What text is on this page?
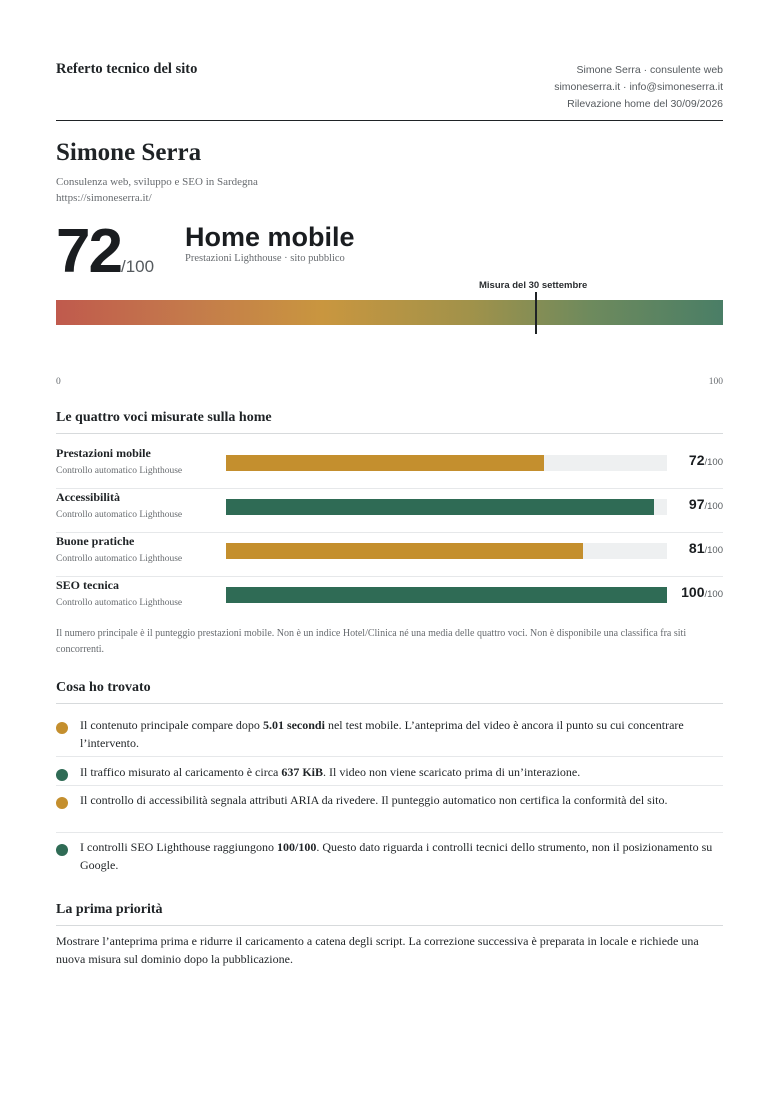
Referto tecnico del sito	Simone Serra · consulente web
simoneserra.it · info@simoneserra.it
Rilevazione home del 30/09/2026
Simone Serra
Consulenza web, sviluppo e SEO in Sardegna
https://simoneserra.it/
72/100
Home mobile
Prestazioni Lighthouse · sito pubblico
Misura del 30 settembre
0	100
Le quattro voci misurate sulla home
Prestazioni mobile
Controllo automatico Lighthouse
72/100
Accessibilità
Controllo automatico Lighthouse
97/100
Buone pratiche
Controllo automatico Lighthouse
81/100
SEO tecnica
Controllo automatico Lighthouse
100/100
Il numero principale è il punteggio prestazioni mobile. Non è un indice Hotel/Clinica né una media delle quattro voci. Non è disponibile una classifica fra siti concorrenti.
Cosa ho trovato
Il contenuto principale compare dopo 5.01 secondi nel test mobile. L’anteprima del video è ancora il punto su cui concentrare l’intervento.
Il traffico misurato al caricamento è circa 637 KiB. Il video non viene scaricato prima di un’interazione.
Il controllo di accessibilità segnala attributi ARIA da rivedere. Il punteggio automatico non certifica la conformità del sito.
I controlli SEO Lighthouse raggiungono 100/100. Questo dato riguarda i controlli tecnici dello strumento, non il posizionamento su Google.
La prima priorità
Mostrare l’anteprima prima e ridurre il caricamento a catena degli script. La correzione successiva è preparata in locale e richiede una nuova misura sul dominio dopo la pubblicazione.
